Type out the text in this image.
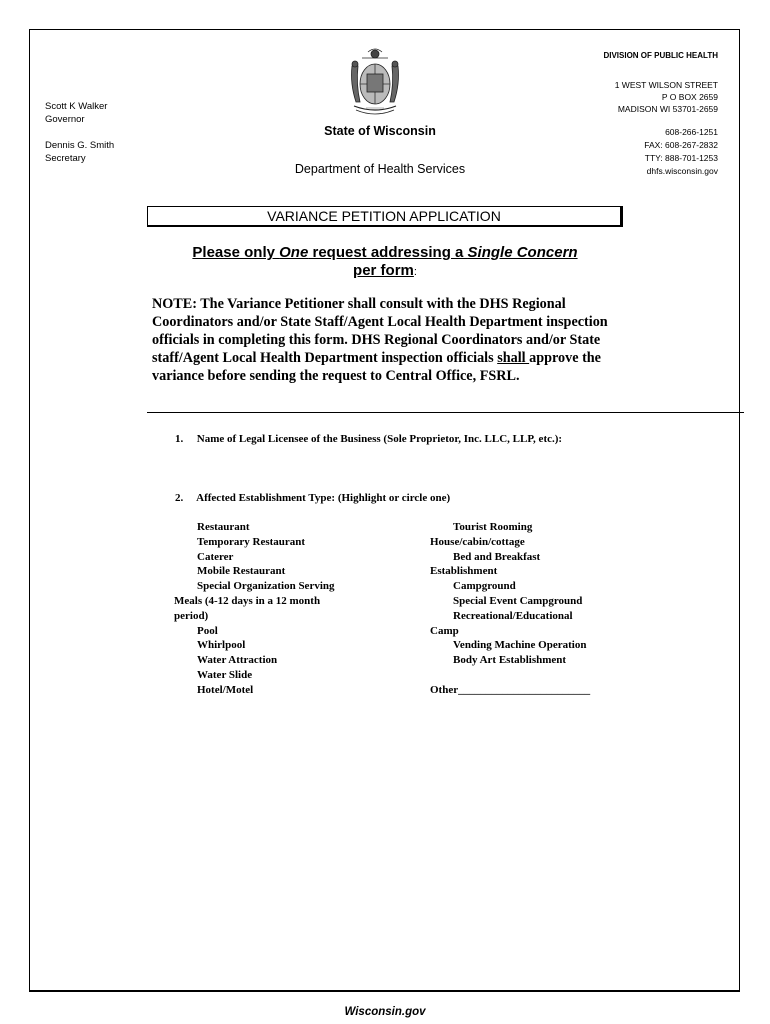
DIVISION OF PUBLIC HEALTH
1 WEST WILSON STREET
P O BOX 2659
MADISON WI 53701-2659
608-266-1251
FAX: 608-267-2832
TTY: 888-701-1253
dhfs.wisconsin.gov
Scott K Walker
Governor
Dennis G. Smith
Secretary
State of Wisconsin
Department of Health Services
VARIANCE PETITION APPLICATION
Please only One request addressing a Single Concern
per form:
NOTE: The Variance Petitioner shall consult with the DHS Regional Coordinators and/or State Staff/Agent Local Health Department inspection officials in completing this form. DHS Regional Coordinators and/or State staff/Agent Local Health Department inspection officials shall approve the variance before sending the request to Central Office, FSRL.
1. Name of Legal Licensee of the Business (Sole Proprietor, Inc. LLC, LLP, etc.):
2. Affected Establishment Type: (Highlight or circle one)
Restaurant
Temporary Restaurant
Caterer
Mobile Restaurant
Special Organization Serving
Meals (4-12 days in a 12 month
period)
Pool
Whirlpool
Water Attraction
Water Slide
Hotel/Motel
Tourist Rooming
House/cabin/cottage
Bed and Breakfast
Establishment
Campground
Special Event Campground
Recreational/Educational
Camp
Vending Machine Operation
Body Art Establishment

Other________________________
Wisconsin.gov
